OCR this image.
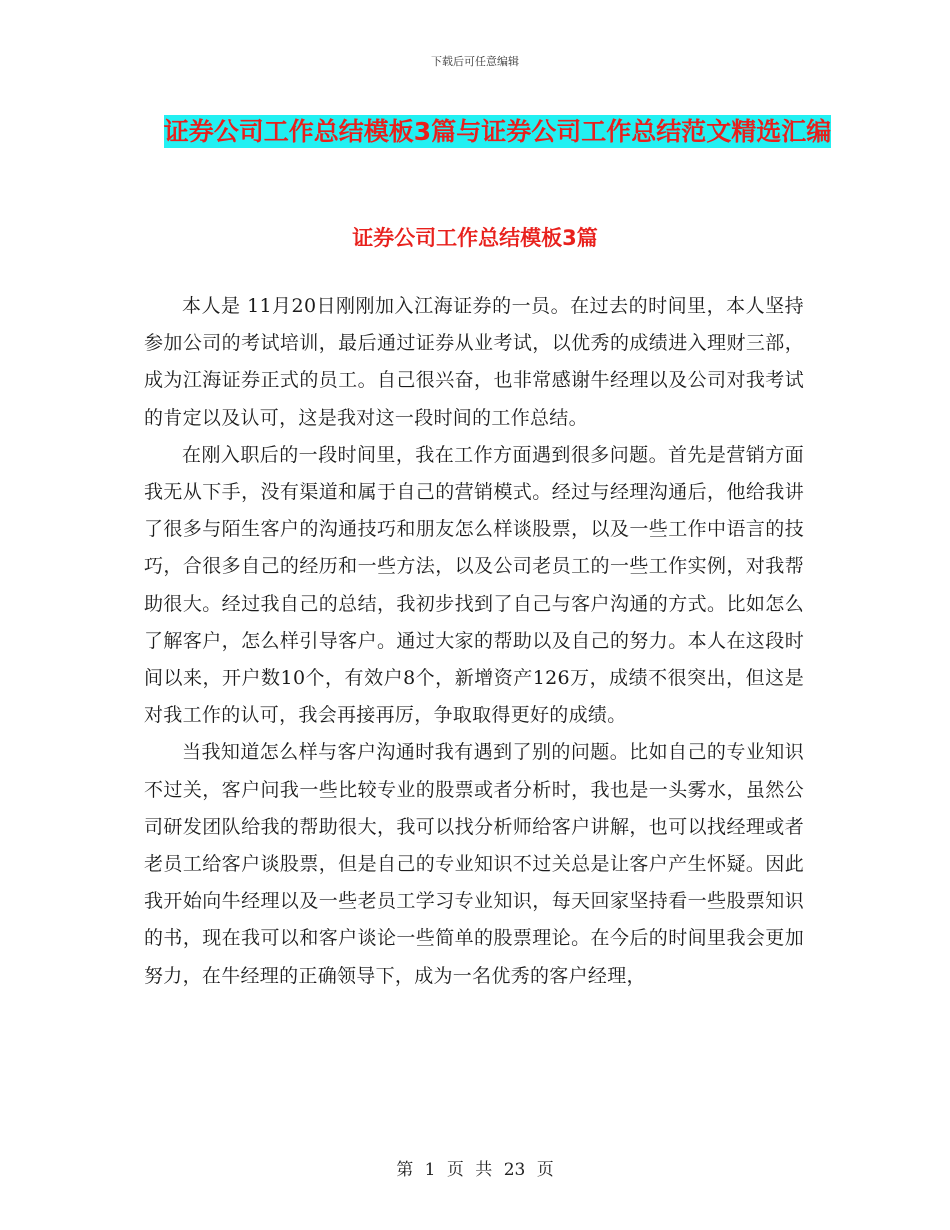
下载后可任意编辑
证券公司工作总结模板3篇与证券公司工作总结范文精选汇编
证券公司工作总结模板3篇

本人是 11月20日刚刚加入江海证券的一员。在过去的时间里，本人坚持参加公司的考试培训，最后通过证券从业考试，以优秀的成绩进入理财三部，成为江海证券正式的员工。自己很兴奋，也非常感谢牛经理以及公司对我考试的肯定以及认可，这是我对这一段时间的工作总结。

在刚入职后的一段时间里，我在工作方面遇到很多问题。首先是营销方面我无从下手，没有渠道和属于自己的营销模式。经过与经理沟通后，他给我讲了很多与陌生客户的沟通技巧和朋友怎么样谈股票，以及一些工作中语言的技巧，合很多自己的经历和一些方法，以及公司老员工的一些工作实例，对我帮助很大。经过我自己的总结，我初步找到了自己与客户沟通的方式。比如怎么了解客户，怎么样引导客户。通过大家的帮助以及自己的努力。本人在这段时间以来，开户数10个，有效户8个，新增资产126万，成绩不很突出，但这是对我工作的认可，我会再接再厉，争取取得更好的成绩。

当我知道怎么样与客户沟通时我有遇到了别的问题。比如自己的专业知识不过关，客户问我一些比较专业的股票或者分析时，我也是一头雾水，虽然公司研发团队给我的帮助很大，我可以找分析师给客户讲解，也可以找经理或者老员工给客户谈股票，但是自己的专业知识不过关总是让客户产生怀疑。因此我开始向牛经理以及一些老员工学习专业知识，每天回家坚持看一些股票知识的书，现在我可以和客户谈论一些简单的股票理论。在今后的时间里我会更加努力，在牛经理的正确领导下，成为一名优秀的客户经理，

第 1 页 共 23 页
